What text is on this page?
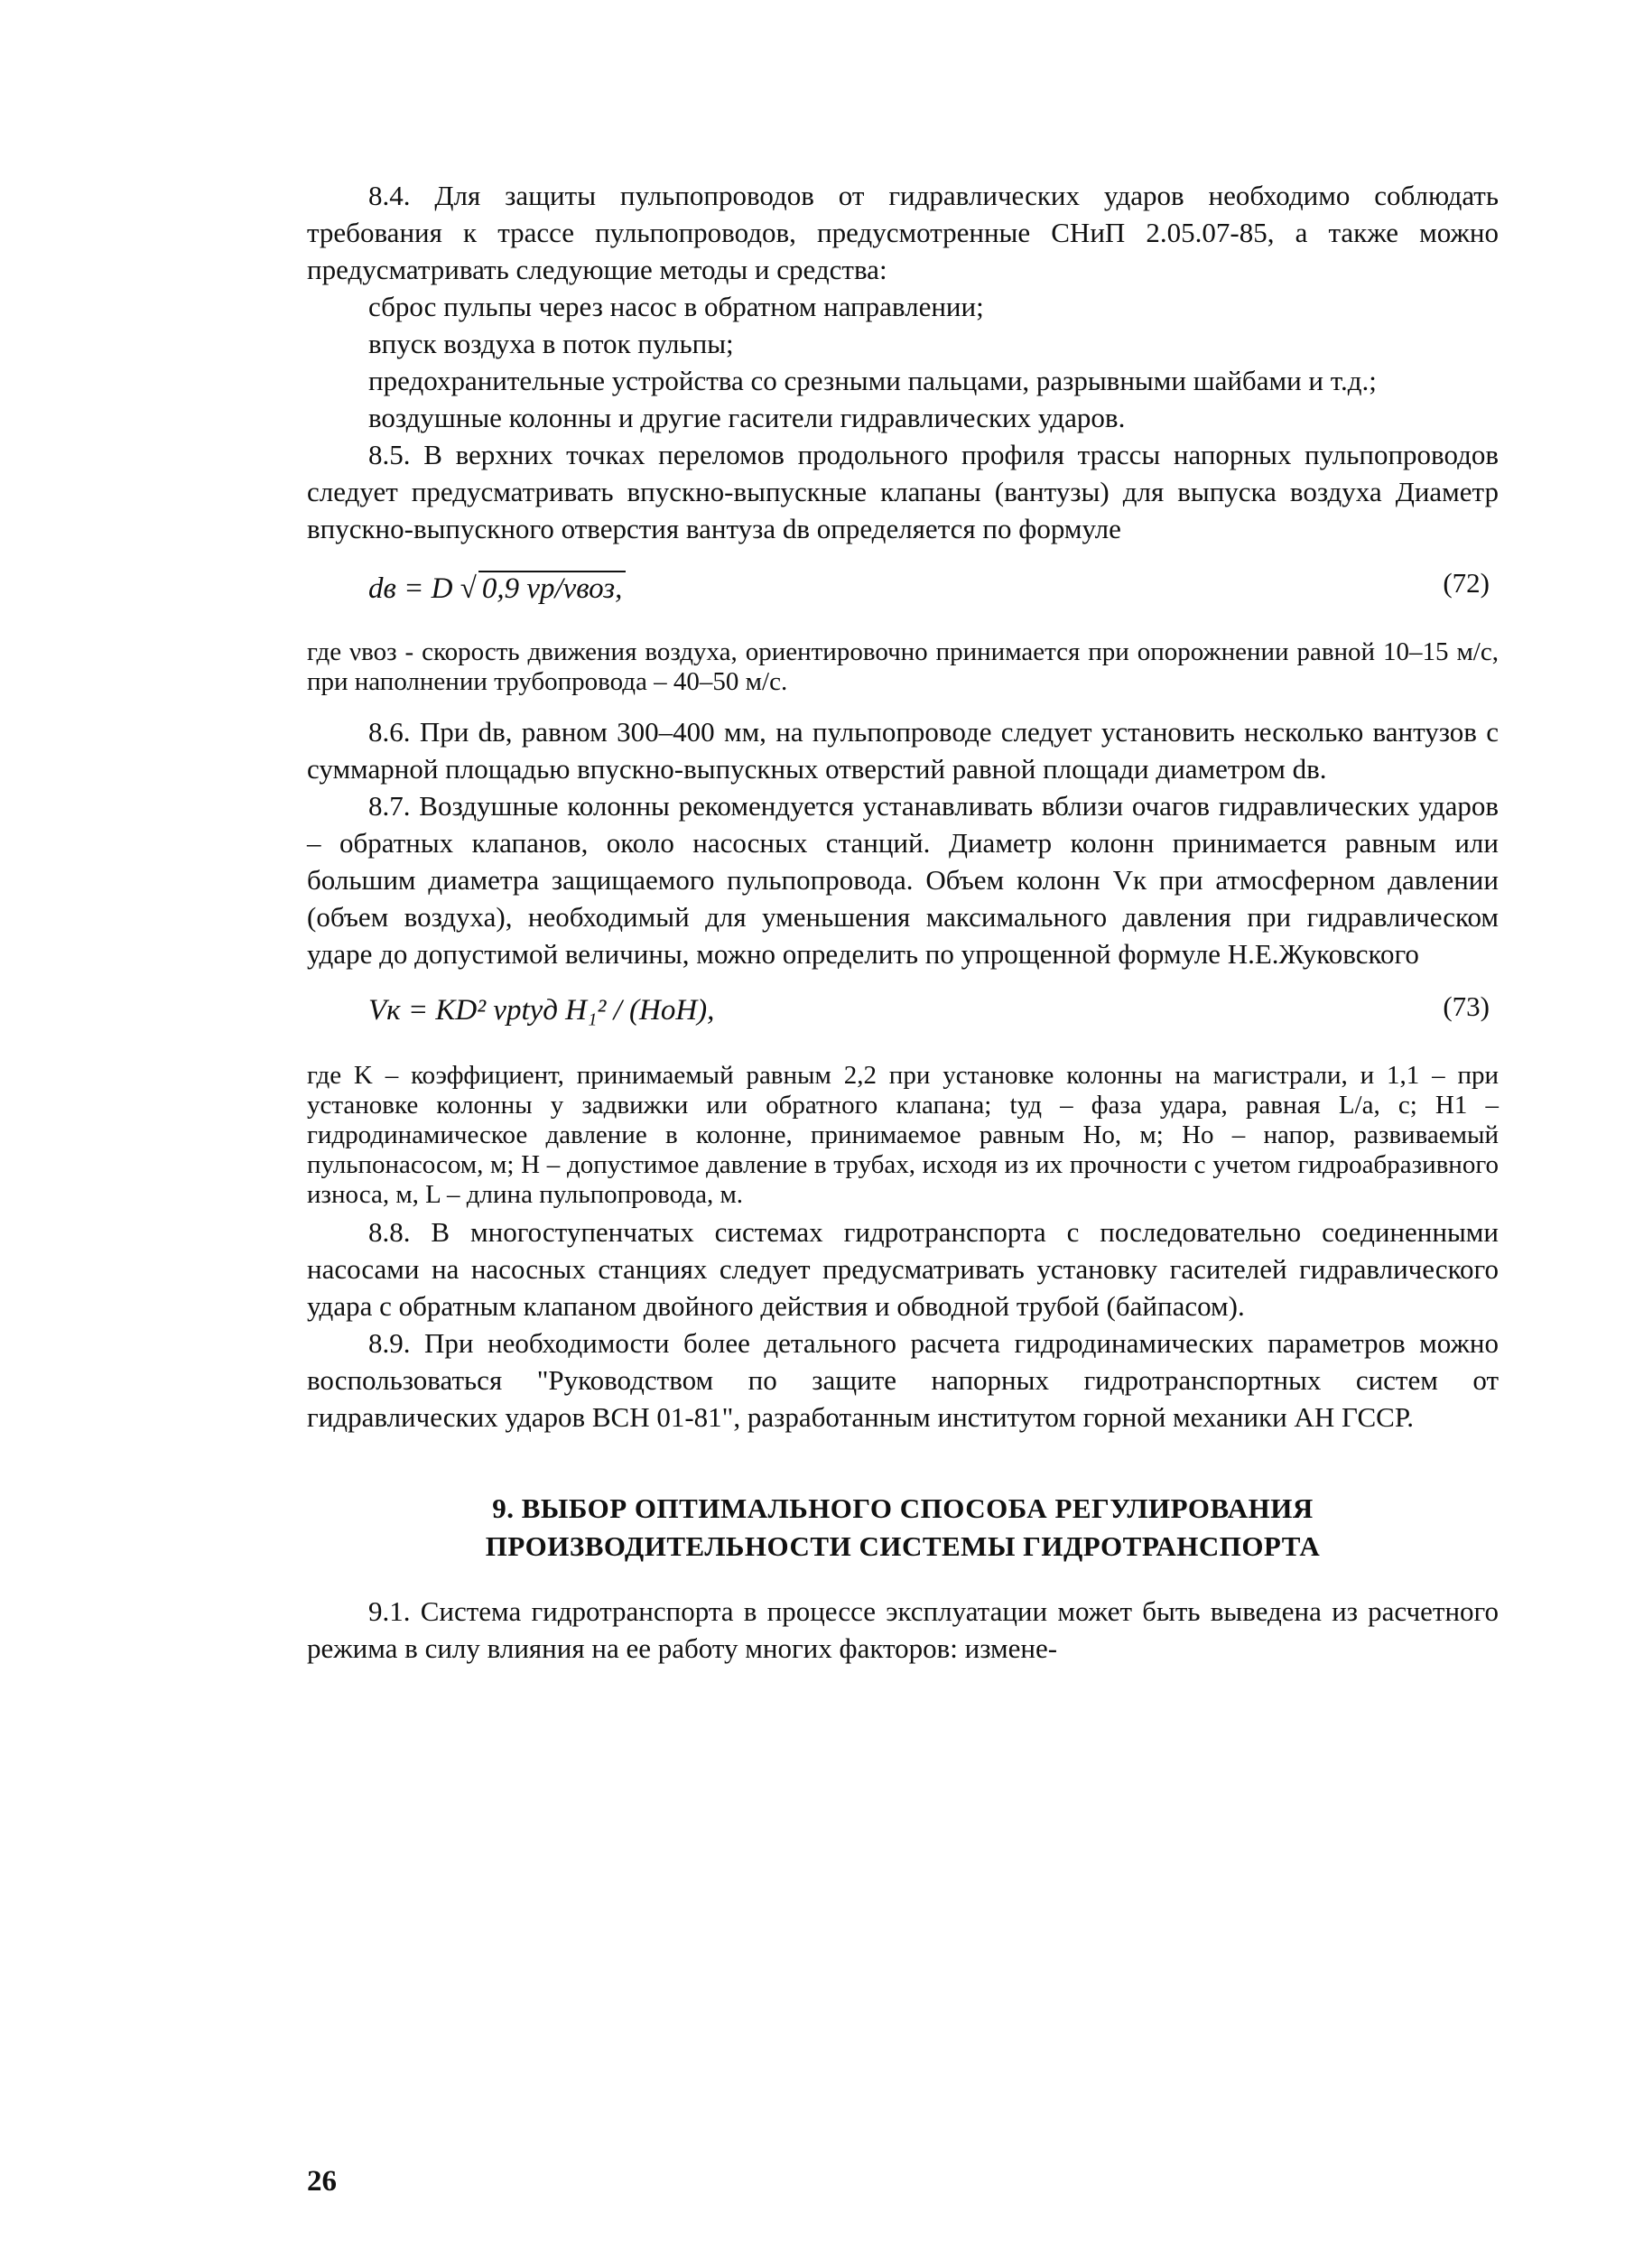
8.4. Для защиты пульпопроводов от гидравлических ударов необходимо соблюдать требования к трассе пульпопроводов, предусмотренные СНиП 2.05.07-85, а также можно предусматривать следующие методы и средства:

сброс пульпы через насос в обратном направлении;

впуск воздуха в поток пульпы;

предохранительные устройства со срезными пальцами, разрывными шайбами и т.д.;

воздушные колонны и другие гасители гидравлических ударов.

8.5. В верхних точках переломов продольного профиля трассы напорных пульпопроводов следует предусматривать впускно-выпускные клапаны (вантузы) для выпуска воздуха Диаметр впускно-выпускного отверстия вантуза dв определяется по формуле

dв = D √ 0,9 νр/νвоз,	(72)

где νвоз - скорость движения воздуха, ориентировочно принимается при опорожнении равной 10–15 м/с, при наполнении трубопровода – 40–50 м/с.

8.6. При dв, равном 300–400 мм, на пульпопроводе следует установить несколько вантузов с суммарной площадью впускно-выпускных отверстий равной площади диаметром dв.

8.7. Воздушные колонны рекомендуется устанавливать вблизи очагов гидравлических ударов – обратных клапанов, около насосных станций. Диаметр колонн принимается равным или большим диаметра защищаемого пульпопровода. Объем колонн Vк при атмосферном давлении (объем воздуха), необходимый для уменьшения максимального давления при гидравлическом ударе до допустимой величины, можно определить по упрощенной формуле Н.Е.Жуковского

Vк = KD² νрtуд H₁² / (HоH),	(73)

где K – коэффициент, принимаемый равным 2,2 при установке колонны на магистрали, и 1,1 – при установке колонны у задвижки или обратного клапана; tуд – фаза удара, равная L/a, с; H1 – гидродинамическое давление в колонне, принимаемое равным Hо, м; Hо – напор, развиваемый пульпонасосом, м; H – допустимое давление в трубах, исходя из их прочности с учетом гидроабразивного износа, м, L – длина пульпопровода, м.

8.8. В многоступенчатых системах гидротранспорта с последовательно соединенными насосами на насосных станциях следует предусматривать установку гасителей гидравлического удара с обратным клапаном двойного действия и обводной трубой (байпасом).

8.9. При необходимости более детального расчета гидродинамических параметров можно воспользоваться "Руководством по защите напорных гидротранспортных систем от гидравлических ударов ВСН 01-81", разработанным институтом горной механики АН ГССР.

9. ВЫБОР ОПТИМАЛЬНОГО СПОСОБА РЕГУЛИРОВАНИЯ
ПРОИЗВОДИТЕЛЬНОСТИ СИСТЕМЫ ГИДРОТРАНСПОРТА

9.1. Система гидротранспорта в процессе эксплуатации может быть выведена из расчетного режима в силу влияния на ее работу многих факторов: измене-

26
